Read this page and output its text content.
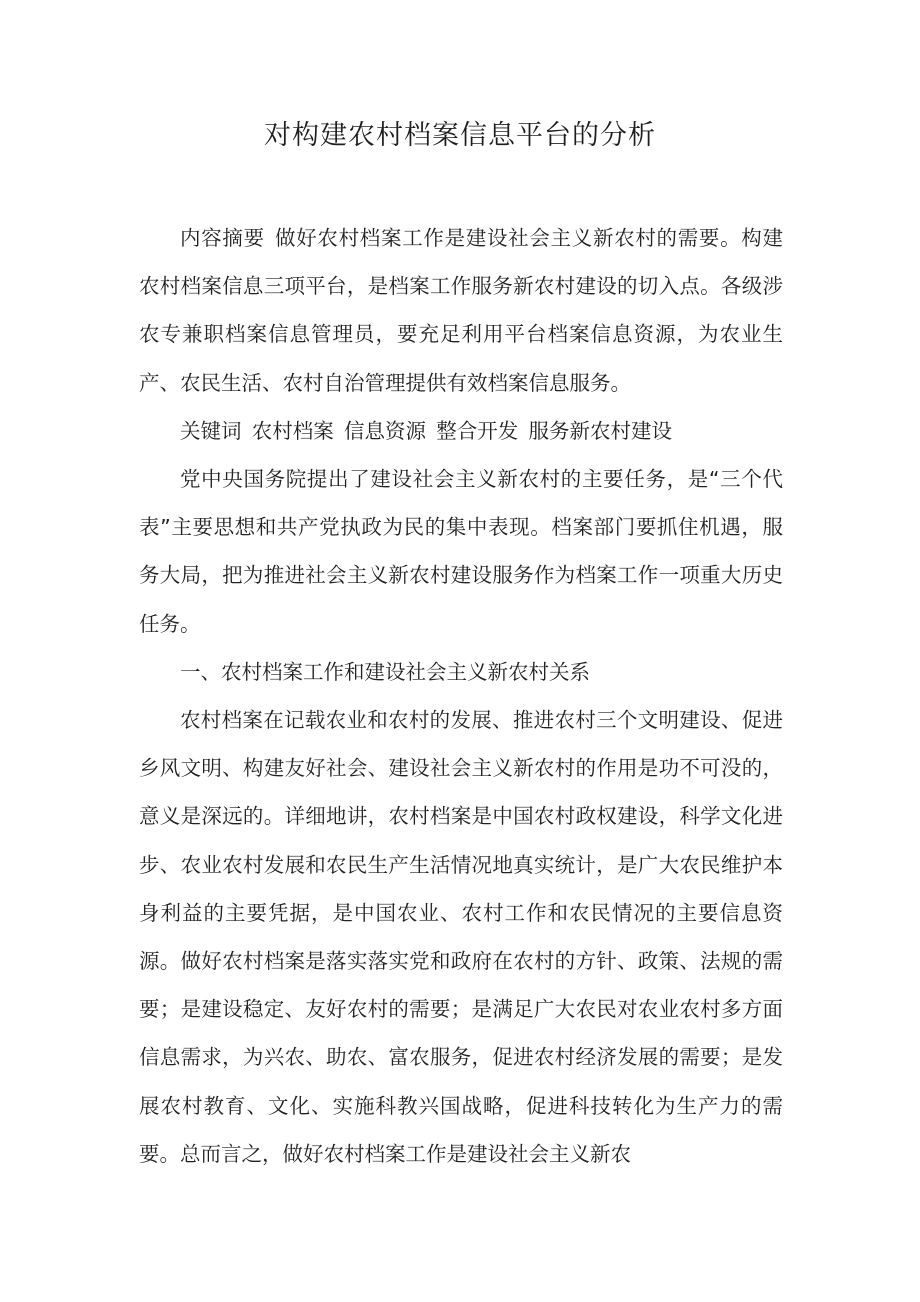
对构建农村档案信息平台的分析

内容摘要 做好农村档案工作是建设社会主义新农村的需要。构建农村档案信息三项平台，是档案工作服务新农村建设的切入点。各级涉农专兼职档案信息管理员，要充足利用平台档案信息资源，为农业生产、农民生活、农村自治管理提供有效档案信息服务。

关键词 农村档案 信息资源 整合开发 服务新农村建设

党中央国务院提出了建设社会主义新农村的主要任务，是“三个代表”主要思想和共产党执政为民的集中表现。档案部门要抓住机遇，服务大局，把为推进社会主义新农村建设服务作为档案工作一项重大历史任务。

一、农村档案工作和建设社会主义新农村关系

农村档案在记载农业和农村的发展、推进农村三个文明建设、促进乡风文明、构建友好社会、建设社会主义新农村的作用是功不可没的，意义是深远的。详细地讲，农村档案是中国农村政权建设，科学文化进步、农业农村发展和农民生产生活情况地真实统计，是广大农民维护本身利益的主要凭据，是中国农业、农村工作和农民情况的主要信息资源。做好农村档案是落实落实党和政府在农村的方针、政策、法规的需要；是建设稳定、友好农村的需要；是满足广大农民对农业农村多方面信息需求，为兴农、助农、富农服务，促进农村经济发展的需要；是发展农村教育、文化、实施科教兴国战略，促进科技转化为生产力的需要。总而言之，做好农村档案工作是建设社会主义新农
